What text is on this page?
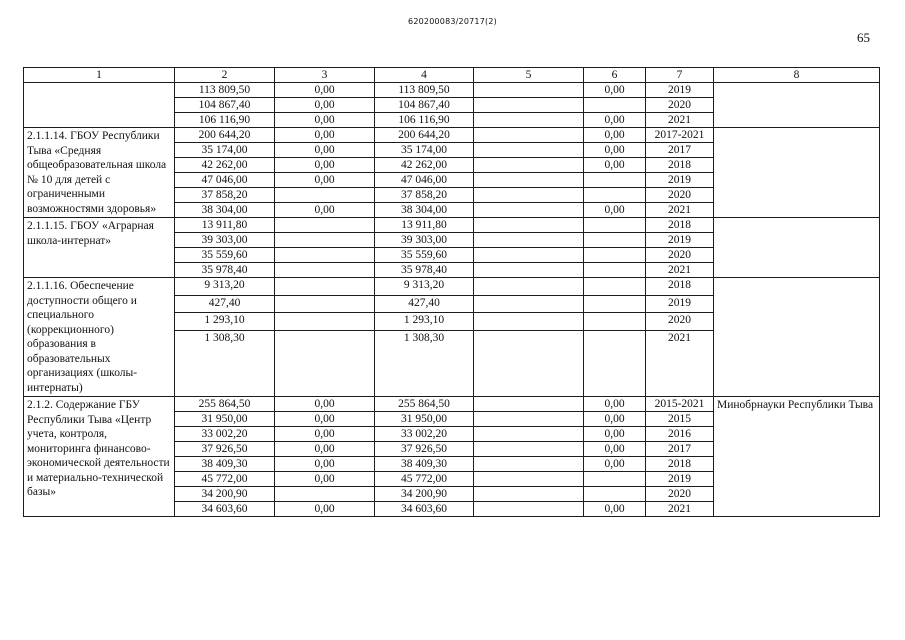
620200083/20717(2)
65
1	2	3	4	5	6	7	8
	113 809,50	0,00	113 809,50		0,00	2019	
	104 867,40	0,00	104 867,40			2020	
	106 116,90	0,00	106 116,90		0,00	2021	
2.1.1.14. ГБОУ Республики Тыва «Средняя общеобразовательная школа № 10 для детей с ограниченными возможностями здоровья»	200 644,20	0,00	200 644,20		0,00	2017-2021	
	35 174,00	0,00	35 174,00		0,00	2017	
	42 262,00	0,00	42 262,00		0,00	2018	
	47 046,00	0,00	47 046,00			2019	
	37 858,20		37 858,20			2020	
	38 304,00	0,00	38 304,00		0,00	2021	
2.1.1.15. ГБОУ «Аграрная школа-интернат»	13 911,80		13 911,80			2018	
	39 303,00		39 303,00			2019	
	35 559,60		35 559,60			2020	
	35 978,40		35 978,40			2021	
2.1.1.16. Обеспечение доступности общего и специального (коррекционного) образования в образовательных организациях (школы-интернаты)	9 313,20		9 313,20			2018	
	427,40		427,40			2019	
	1 293,10		1 293,10			2020	
	1 308,30		1 308,30			2021	
2.1.2. Содержание ГБУ Республики Тыва «Центр учета, контроля, мониторинга финансово-экономической деятельности и материально-технической базы»	255 864,50	0,00	255 864,50		0,00	2015-2021	Минобрнауки Республики Тыва
	31 950,00	0,00	31 950,00		0,00	2015	
	33 002,20	0,00	33 002,20		0,00	2016	
	37 926,50	0,00	37 926,50		0,00	2017	
	38 409,30	0,00	38 409,30		0,00	2018	
	45 772,00	0,00	45 772,00			2019	
	34 200,90		34 200,90			2020	
	34 603,60	0,00	34 603,60		0,00	2021	
